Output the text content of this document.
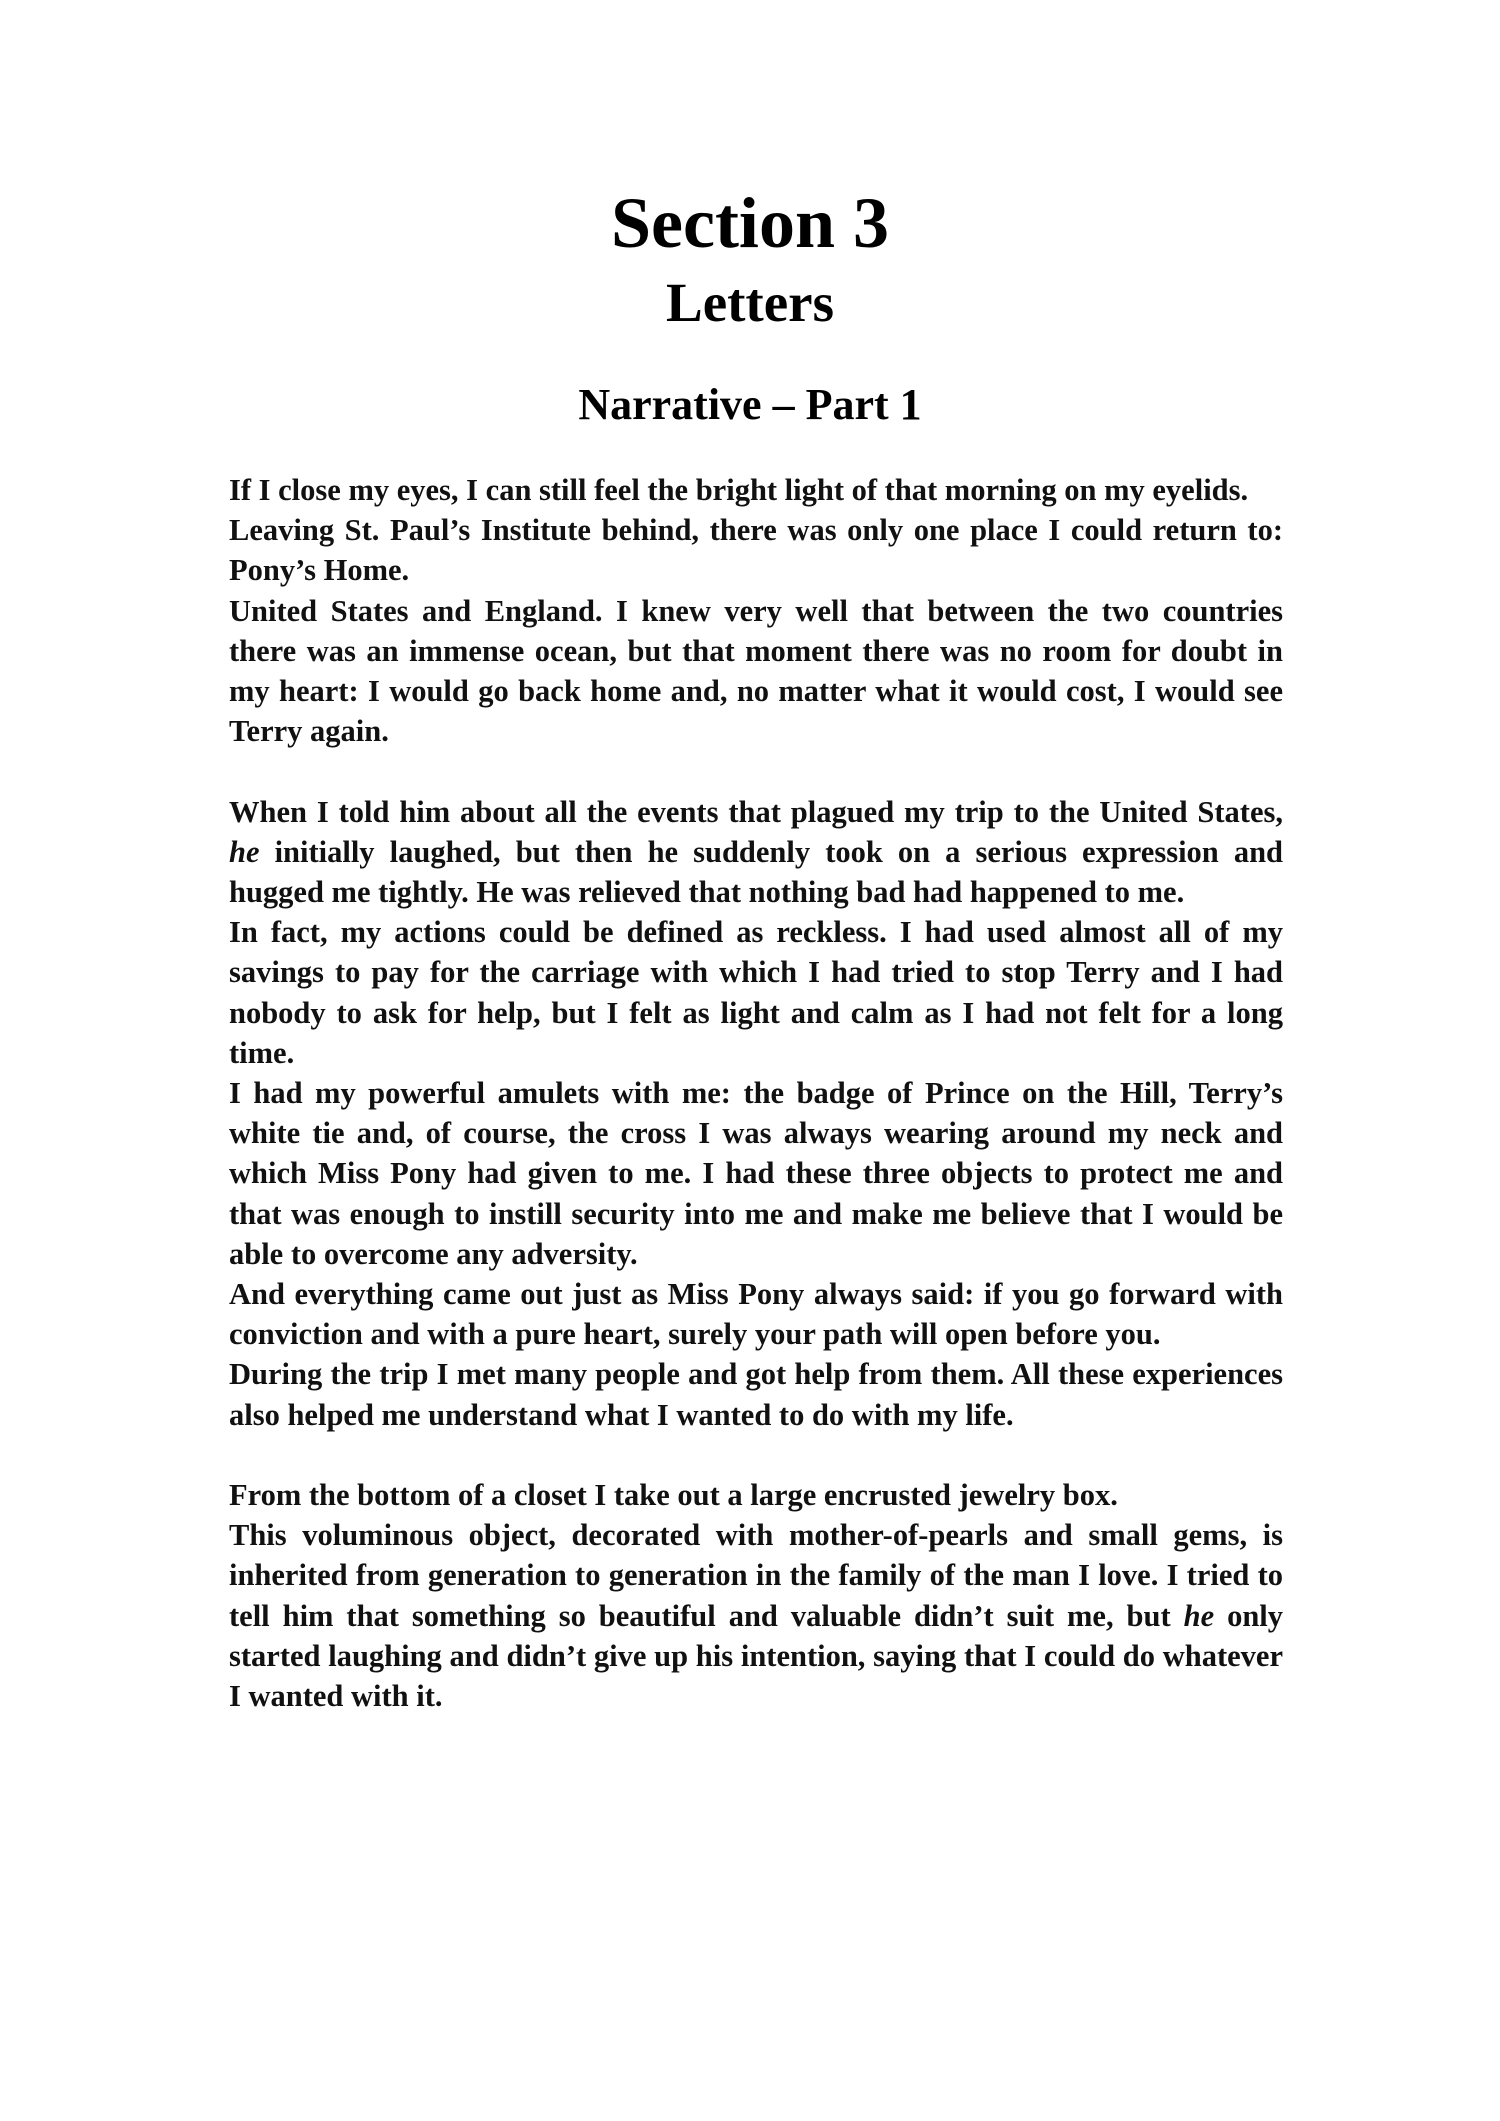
Section 3
Letters
Narrative – Part 1

If I close my eyes, I can still feel the bright light of that morning on my eyelids.

Leaving St. Paul’s Institute behind, there was only one place I could return to: Pony’s Home.

United States and England. I knew very well that between the two countries there was an immense ocean, but that moment there was no room for doubt in my heart: I would go back home and, no matter what it would cost, I would see Terry again.

When I told him about all the events that plagued my trip to the United States, he initially laughed, but then he suddenly took on a serious expression and hugged me tightly. He was relieved that nothing bad had happened to me.

In fact, my actions could be defined as reckless. I had used almost all of my savings to pay for the carriage with which I had tried to stop Terry and I had nobody to ask for help, but I felt as light and calm as I had not felt for a long time.

I had my powerful amulets with me: the badge of Prince on the Hill, Terry’s white tie and, of course, the cross I was always wearing around my neck and which Miss Pony had given to me. I had these three objects to protect me and that was enough to instill security into me and make me believe that I would be able to overcome any adversity.

And everything came out just as Miss Pony always said: if you go forward with conviction and with a pure heart, surely your path will open before you.

During the trip I met many people and got help from them. All these experiences also helped me understand what I wanted to do with my life.

From the bottom of a closet I take out a large encrusted jewelry box.

This voluminous object, decorated with mother-of-pearls and small gems, is inherited from generation to generation in the family of the man I love. I tried to tell him that something so beautiful and valuable didn’t suit me, but he only started laughing and didn’t give up his intention, saying that I could do whatever I wanted with it.
